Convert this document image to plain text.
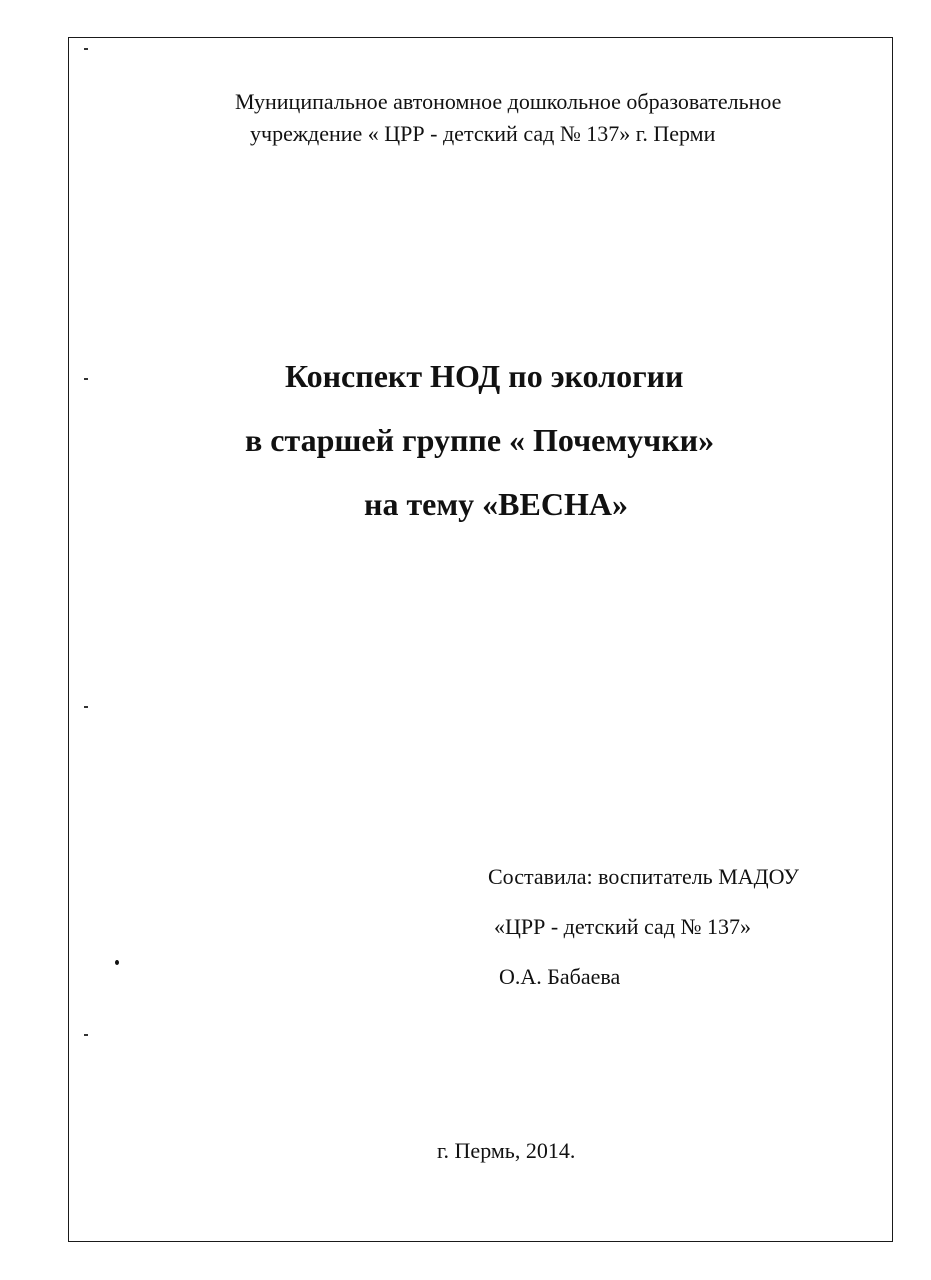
Муниципальное автономное дошкольное образовательное
учреждение « ЦРР - детский сад № 137» г. Перми
Конспект НОД по экологии
в старшей группе « Почемучки»
на тему «ВЕСНА»
Составила: воспитатель МАДОУ
«ЦРР - детский сад № 137»
О.А. Бабаева
г. Пермь, 2014.
